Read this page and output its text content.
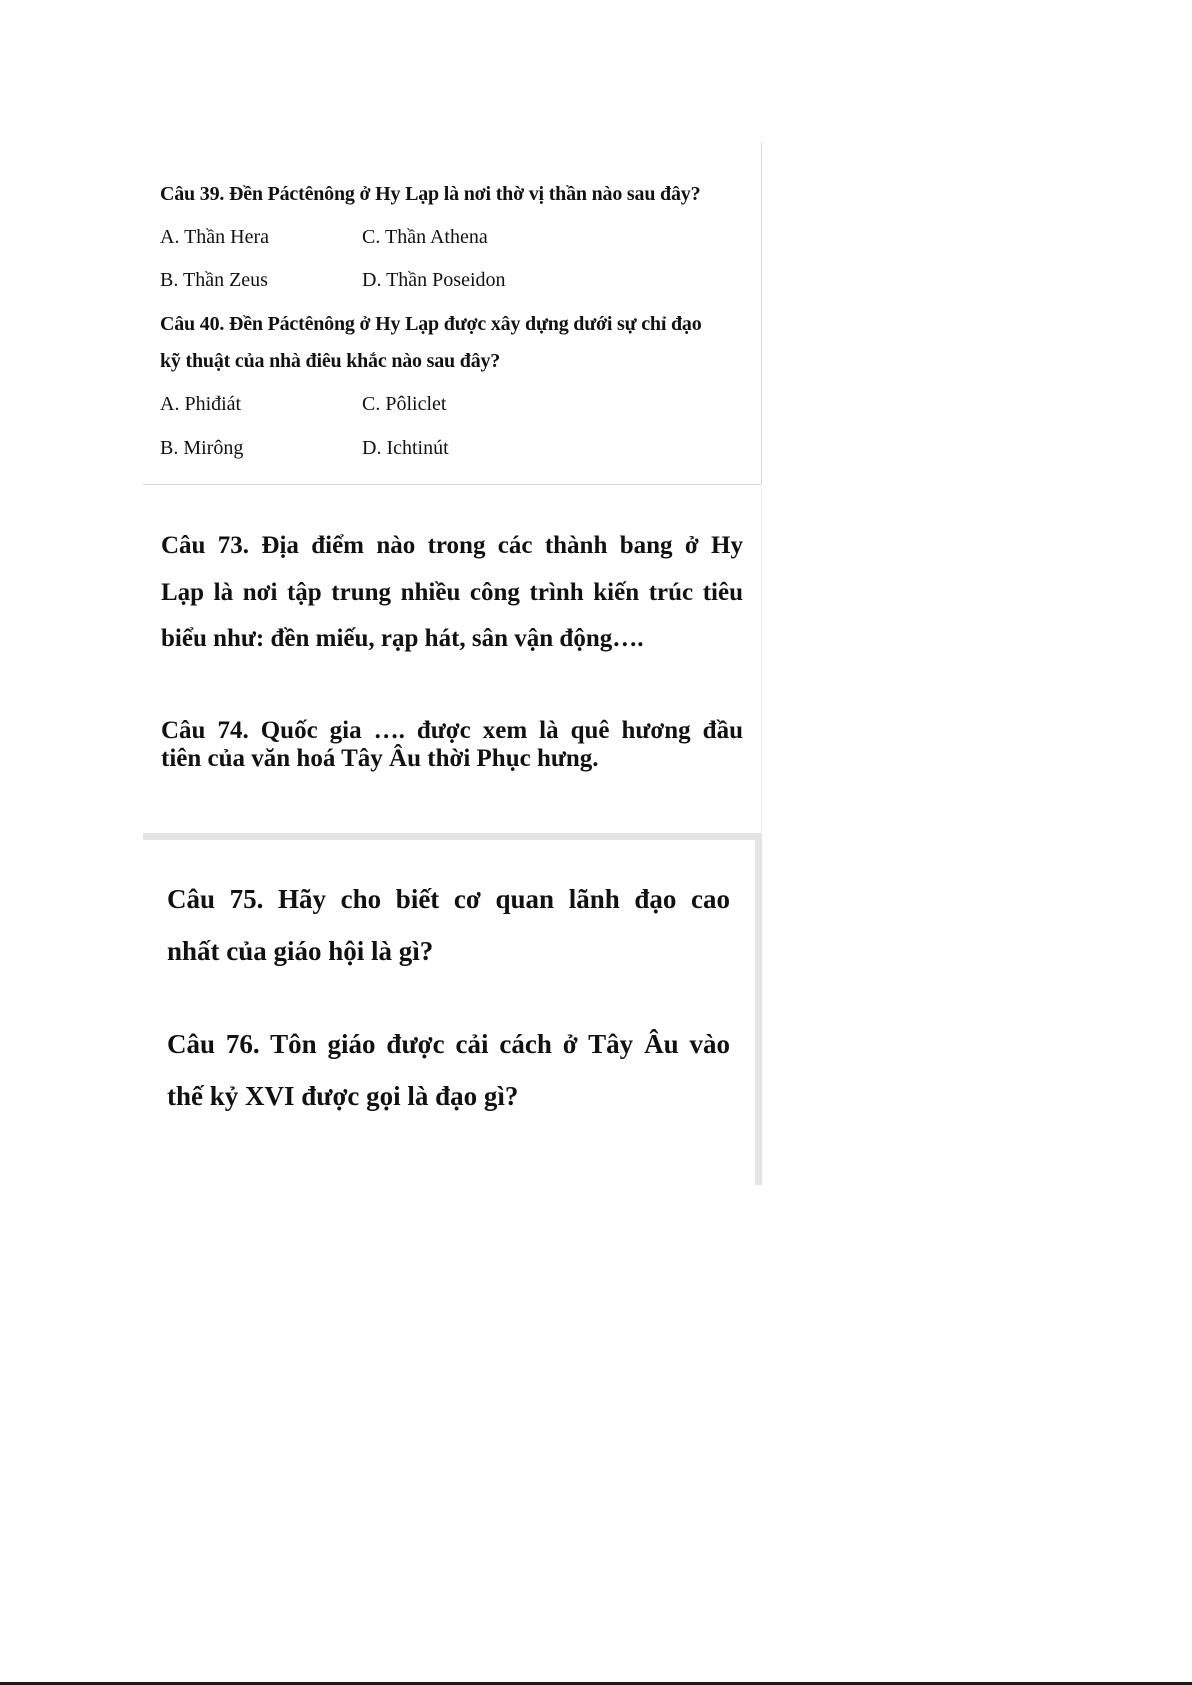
Câu 39. Đền Páctênông ở Hy Lạp là nơi thờ vị thần nào sau đây?
A. Thần Hera	C. Thần Athena
B. Thần Zeus	D. Thần Poseidon
Câu 40. Đền Páctênông ở Hy Lạp được xây dựng dưới sự chỉ đạo
kỹ thuật của nhà điêu khắc nào sau đây?
A. Phiđiát	C. Pôliclet
B. Mirông	D. Ichtinút
Câu 73. Địa điểm nào trong các thành bang ở Hy
Lạp là nơi tập trung nhiều công trình kiến trúc tiêu
biểu như: đền miếu, rạp hát, sân vận động….
Câu 74. Quốc gia …. được xem là quê hương đầu
tiên của văn hoá Tây Âu thời Phục hưng.
Câu 75. Hãy cho biết cơ quan lãnh đạo cao
nhất của giáo hội là gì?
Câu 76. Tôn giáo được cải cách ở Tây Âu vào
thế kỷ XVI được gọi là đạo gì?
